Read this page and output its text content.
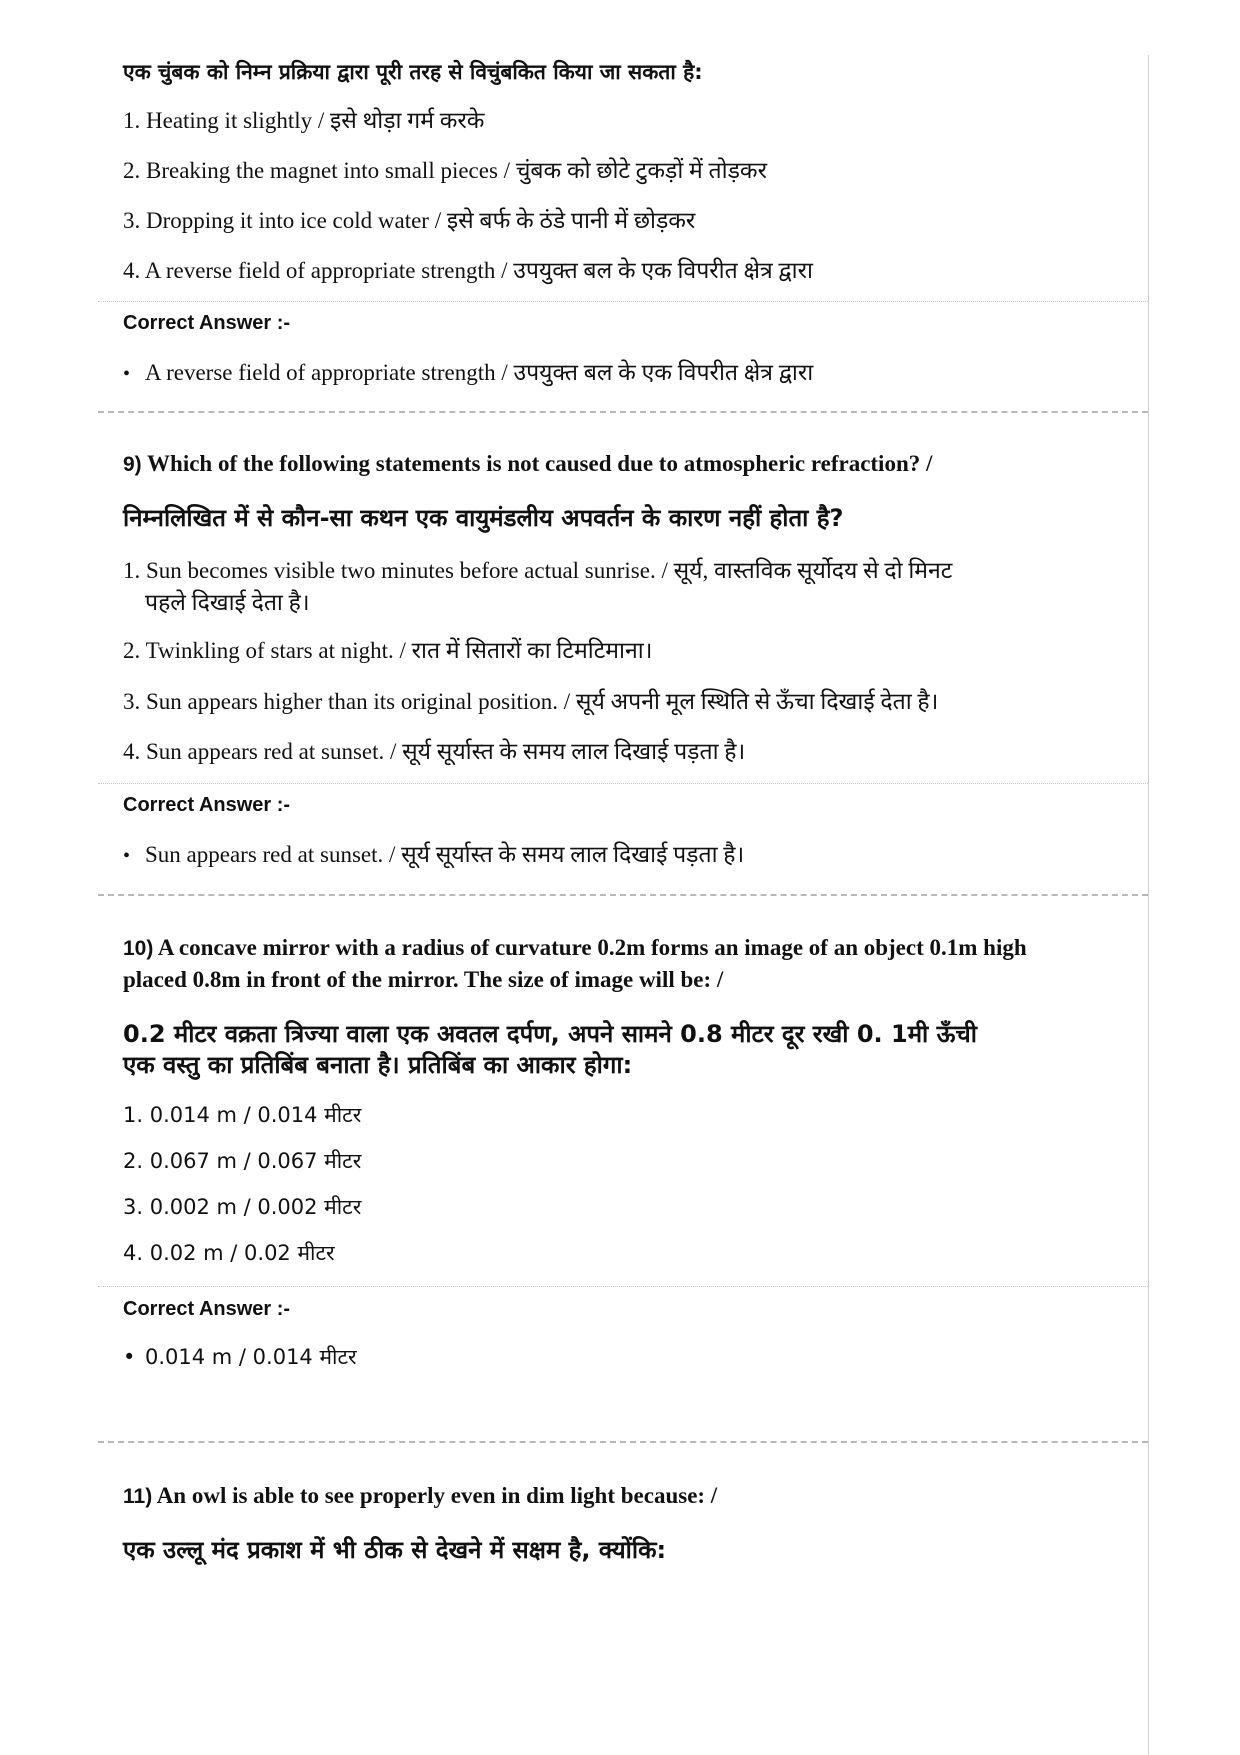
एक चुंबक को निम्न प्रक्रिया द्वारा पूरी तरह से विचुंबकित किया जा सकता है:
1. Heating it slightly / इसे थोड़ा गर्म करके
2. Breaking the magnet into small pieces / चुंबक को छोटे टुकड़ों में तोड़कर
3. Dropping it into ice cold water / इसे बर्फ के ठंडे पानी में छोड़कर
4. A reverse field of appropriate strength / उपयुक्त बल के एक विपरीत क्षेत्र द्वारा
Correct Answer :-
• A reverse field of appropriate strength / उपयुक्त बल के एक विपरीत क्षेत्र द्वारा
9) Which of the following statements is not caused due to atmospheric refraction? /
निम्नलिखित में से कौन-सा कथन एक वायुमंडलीय अपवर्तन के कारण नहीं होता है?
1. Sun becomes visible two minutes before actual sunrise. / सूर्य, वास्तविक सूर्योदय से दो मिनट
पहले दिखाई देता है।
2. Twinkling of stars at night. / रात में सितारों का टिमटिमाना।
3. Sun appears higher than its original position. / सूर्य अपनी मूल स्थिति से ऊँचा दिखाई देता है।
4. Sun appears red at sunset. / सूर्य सूर्यास्त के समय लाल दिखाई पड़ता है।
Correct Answer :-
• Sun appears red at sunset. / सूर्य सूर्यास्त के समय लाल दिखाई पड़ता है।
10) A concave mirror with a radius of curvature 0.2m forms an image of an object 0.1m high
placed 0.8m in front of the mirror. The size of image will be: /
0.2 मीटर वक्रता त्रिज्या वाला एक अवतल दर्पण, अपने सामने 0.8 मीटर दूर रखी 0. 1मी ऊँची
एक वस्तु का प्रतिबिंब बनाता है। प्रतिबिंब का आकार होगा:
1. 0.014 m / 0.014 मीटर
2. 0.067 m / 0.067 मीटर
3. 0.002 m / 0.002 मीटर
4. 0.02 m / 0.02 मीटर
Correct Answer :-
• 0.014 m / 0.014 मीटर
11) An owl is able to see properly even in dim light because: /
एक उल्लू मंद प्रकाश में भी ठीक से देखने में सक्षम है, क्योंकि:
